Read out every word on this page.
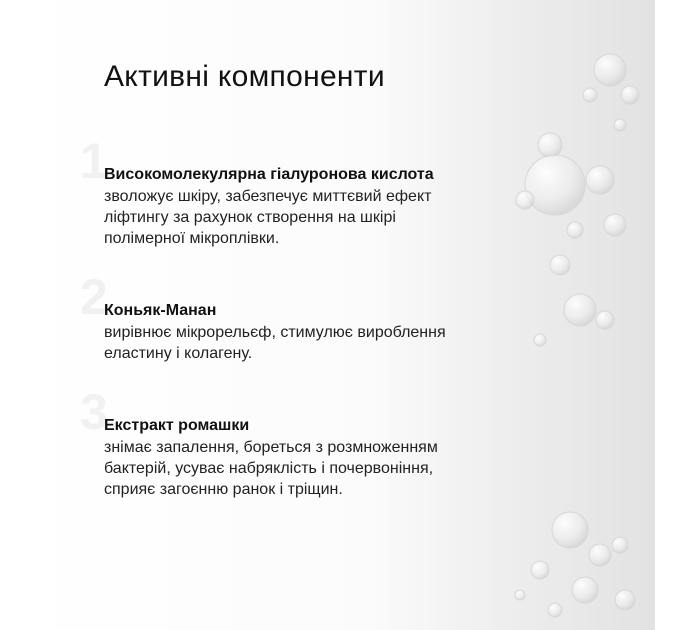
Активні компоненти
1
Високомолекулярна гіалуронова кислота
зволожує шкіру, забезпечує миттєвий ефект
ліфтингу за рахунок створення на шкірі
полімерної мікроплівки.
2
Коньяк-Манан
вирівнює мікрорельєф, стимулює вироблення
еластину і колагену.
3
Екстракт ромашки
знімає запалення, бореться з розмноженням
бактерій, усуває набряклість і почервоніння,
сприяє загоєнню ранок і тріщин.
